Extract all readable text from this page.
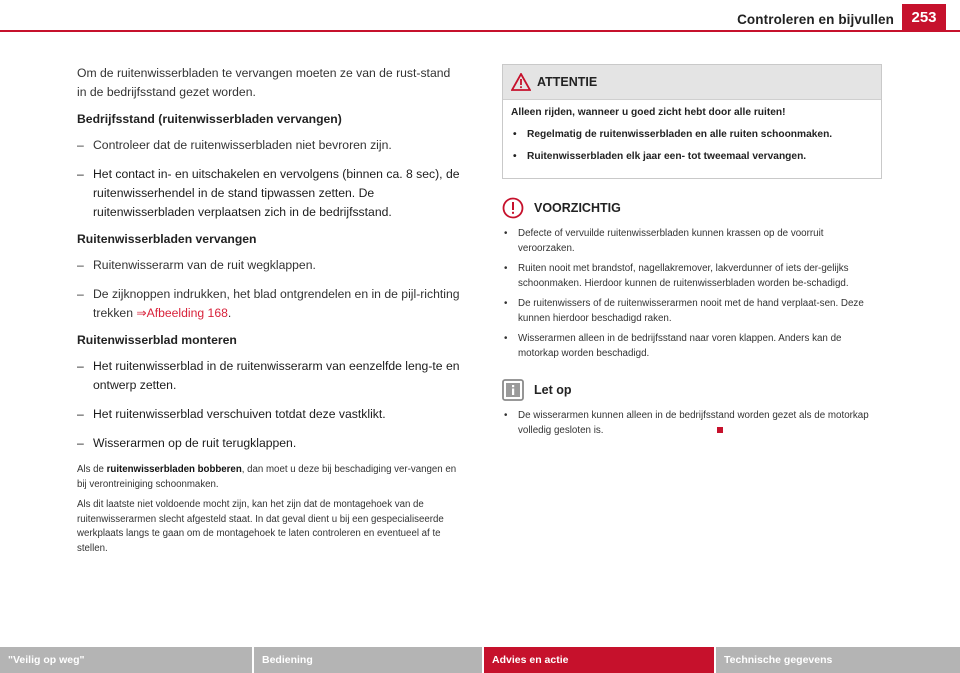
Controleren en bijvullen	253

Om de ruitenwisserbladen te vervangen moeten ze van de rust-stand in de bedrijfsstand gezet worden.

Bedrijfsstand (ruitenwisserbladen vervangen)
– Controleer dat de ruitenwisserbladen niet bevroren zijn.
– Het contact in- en uitschakelen en vervolgens (binnen ca. 8 sec), de ruitenwisserhendel in de stand tipwassen zetten. De ruitenwisserbladen verplaatsen zich in de bedrijfsstand.
Ruitenwisserbladen vervangen
– Ruitenwisserarm van de ruit wegklappen.
– De zijknoppen indrukken, het blad ontgrendelen en in de pijl-richting trekken ⇒Afbeelding 168.
Ruitenwisserblad monteren
– Het ruitenwisserblad in de ruitenwisserarm van eenzelfde leng-te en ontwerp zetten.
– Het ruitenwisserblad verschuiven totdat deze vastklikt.
– Wisserarmen op de ruit terugklappen.

Als de ruitenwisserbladen bobberen, dan moet u deze bij beschadiging ver-vangen en bij verontreiniging schoonmaken.

Als dit laatste niet voldoende mocht zijn, kan het zijn dat de montagehoek van de ruitenwisserarmen slecht afgesteld staat. In dat geval dient u bij een gespecialiseerde werkplaats langs te gaan om de montagehoek te laten controleren en eventueel af te stellen.

ATTENTIE
Alleen rijden, wanneer u goed zicht hebt door alle ruiten!
• Regelmatig de ruitenwisserbladen en alle ruiten schoonmaken.
• Ruitenwisserbladen elk jaar een- tot tweemaal vervangen.
VOORZICHTIG
• Defecte of vervuilde ruitenwisserbladen kunnen krassen op de voorruit veroorzaken.
• Ruiten nooit met brandstof, nagellakremover, lakverdunner of iets der-gelijks schoonmaken. Hierdoor kunnen de ruitenwisserbladen worden be-schadigd.
• De ruitenwissers of de ruitenwisserarmen nooit met de hand verplaat-sen. Deze kunnen hierdoor beschadigd raken.
• Wisserarmen alleen in de bedrijfsstand naar voren klappen. Anders kan de motorkap worden beschadigd.
Let op
• De wisserarmen kunnen alleen in de bedrijfsstand worden gezet als de motorkap volledig gesloten is.
"Veilig op weg"	Bediening	Advies en actie	Technische gegevens
